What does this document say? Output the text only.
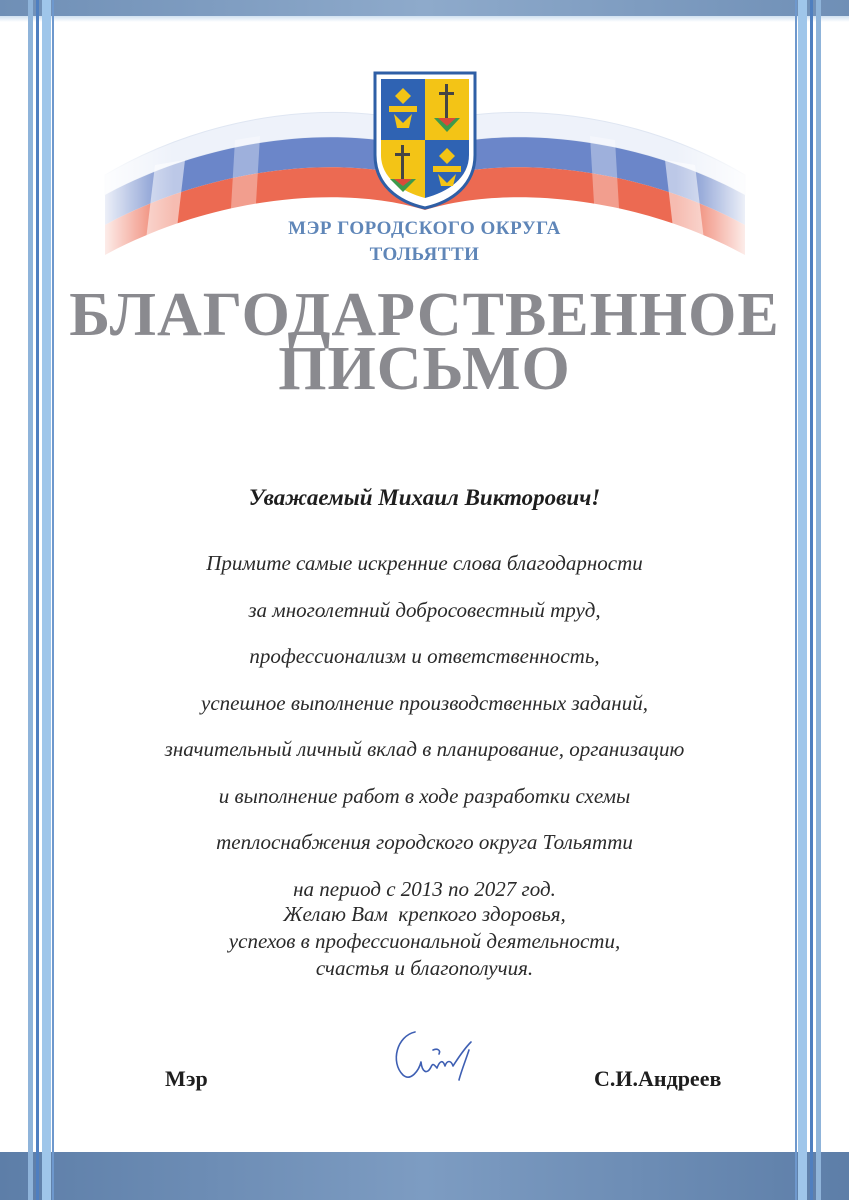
МЭР ГОРОДСКОГО ОКРУГА
ТОЛЬЯТТИ
БЛАГОДАРСТВЕННОЕ
ПИСЬМО
Уважаемый Михаил Викторович!
Примите самые искренние слова благодарности
за многолетний добросовестный труд,
профессионализм и ответственность,
успешное выполнение производственных заданий,
значительный личный вклад в планирование, организацию
и выполнение работ в ходе разработки схемы
теплоснабжения городского округа Тольятти
на период с 2013 по 2027 год.
Желаю Вам  крепкого здоровья,
успехов в профессиональной деятельности,
счастья и благополучия.
Мэр	С.И.Андреев
